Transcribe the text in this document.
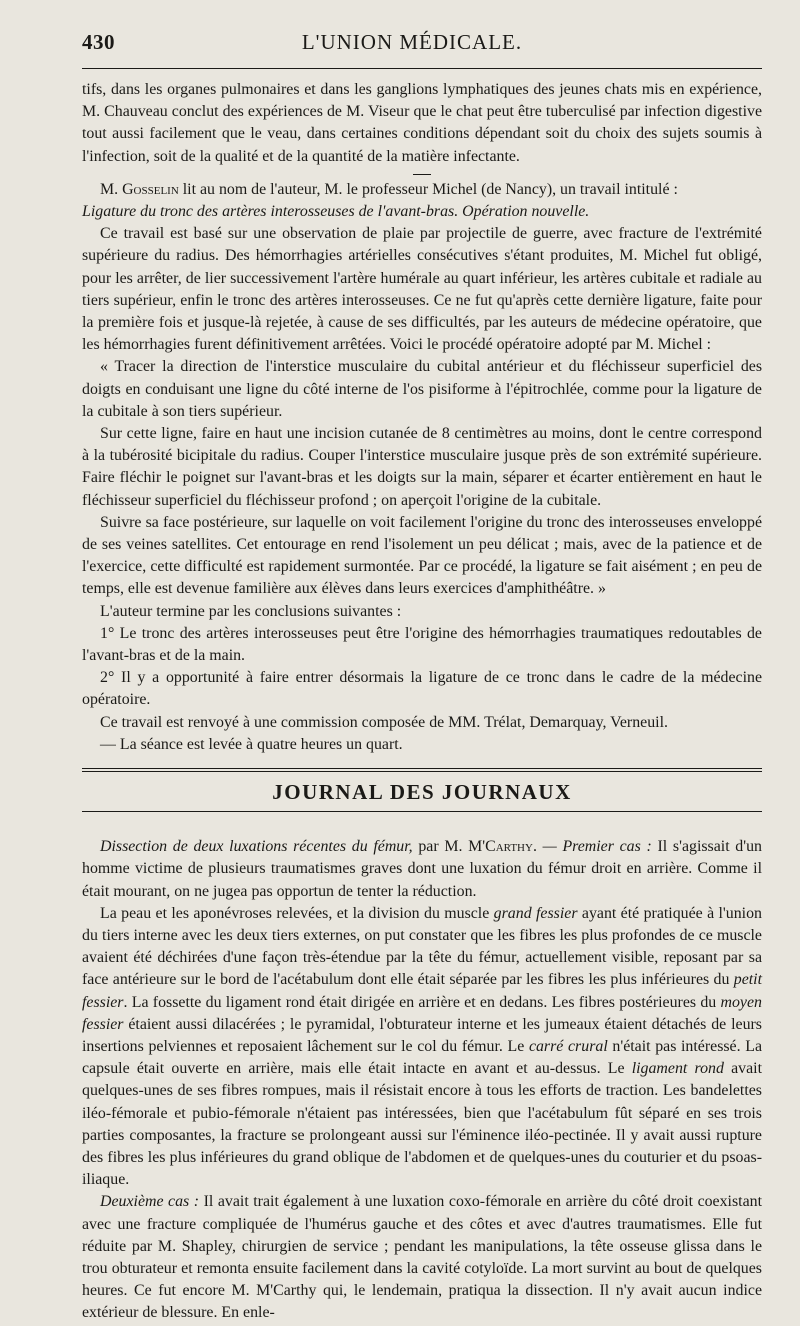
430	L'UNION MÉDICALE.

tifs, dans les organes pulmonaires et dans les ganglions lymphatiques des jeunes chats mis en expérience, M. Chauveau conclut des expériences de M. Viseur que le chat peut être tuberculisé par infection digestive tout aussi facilement que le veau, dans certaines conditions dépendant soit du choix des sujets soumis à l'infection, soit de la qualité et de la quantité de la matière infectante.

M. Gosselin lit au nom de l'auteur, M. le professeur Michel (de Nancy), un travail intitulé :

Ligature du tronc des artères interosseuses de l'avant-bras. Opération nouvelle.

Ce travail est basé sur une observation de plaie par projectile de guerre, avec fracture de l'extrémité supérieure du radius. Des hémorrhagies artérielles consécutives s'étant produites, M. Michel fut obligé, pour les arrêter, de lier successivement l'artère humérale au quart inférieur, les artères cubitale et radiale au tiers supérieur, enfin le tronc des artères interosseuses. Ce ne fut qu'après cette dernière ligature, faite pour la première fois et jusque-là rejetée, à cause de ses difficultés, par les auteurs de médecine opératoire, que les hémorrhagies furent définitivement arrêtées. Voici le procédé opératoire adopté par M. Michel :

« Tracer la direction de l'interstice musculaire du cubital antérieur et du fléchisseur superficiel des doigts en conduisant une ligne du côté interne de l'os pisiforme à l'épitrochlée, comme pour la ligature de la cubitale à son tiers supérieur.

Sur cette ligne, faire en haut une incision cutanée de 8 centimètres au moins, dont le centre correspond à la tubérosité bicipitale du radius. Couper l'interstice musculaire jusque près de son extrémité supérieure. Faire fléchir le poignet sur l'avant-bras et les doigts sur la main, séparer et écarter entièrement en haut le fléchisseur superficiel du fléchisseur profond ; on aperçoit l'origine de la cubitale.

Suivre sa face postérieure, sur laquelle on voit facilement l'origine du tronc des interosseuses enveloppé de ses veines satellites. Cet entourage en rend l'isolement un peu délicat ; mais, avec de la patience et de l'exercice, cette difficulté est rapidement surmontée. Par ce procédé, la ligature se fait aisément ; en peu de temps, elle est devenue familière aux élèves dans leurs exercices d'amphithéâtre. »

L'auteur termine par les conclusions suivantes :

1° Le tronc des artères interosseuses peut être l'origine des hémorrhagies traumatiques redoutables de l'avant-bras et de la main.

2° Il y a opportunité à faire entrer désormais la ligature de ce tronc dans le cadre de la médecine opératoire.

Ce travail est renvoyé à une commission composée de MM. Trélat, Demarquay, Verneuil.

— La séance est levée à quatre heures un quart.

JOURNAL DES JOURNAUX

Dissection de deux luxations récentes du fémur, par M. M'Carthy. — Premier cas : Il s'agissait d'un homme victime de plusieurs traumatismes graves dont une luxation du fémur droit en arrière. Comme il était mourant, on ne jugea pas opportun de tenter la réduction.

La peau et les aponévroses relevées, et la division du muscle grand fessier ayant été pratiquée à l'union du tiers interne avec les deux tiers externes, on put constater que les fibres les plus profondes de ce muscle avaient été déchirées d'une façon très-étendue par la tête du fémur, actuellement visible, reposant par sa face antérieure sur le bord de l'acétabulum dont elle était séparée par les fibres les plus inférieures du petit fessier. La fossette du ligament rond était dirigée en arrière et en dedans. Les fibres postérieures du moyen fessier étaient aussi dilacérées ; le pyramidal, l'obturateur interne et les jumeaux étaient détachés de leurs insertions pelviennes et reposaient lâchement sur le col du fémur. Le carré crural n'était pas intéressé. La capsule était ouverte en arrière, mais elle était intacte en avant et au-dessus. Le ligament rond avait quelques-unes de ses fibres rompues, mais il résistait encore à tous les efforts de traction. Les bandelettes iléo-fémorale et pubio-fémorale n'étaient pas intéressées, bien que l'acétabulum fût séparé en ses trois parties composantes, la fracture se prolongeant aussi sur l'éminence iléo-pectinée. Il y avait aussi rupture des fibres les plus inférieures du grand oblique de l'abdomen et de quelques-unes du couturier et du psoas-iliaque.

Deuxième cas : Il avait trait également à une luxation coxo-fémorale en arrière du côté droit coexistant avec une fracture compliquée de l'humérus gauche et des côtes et avec d'autres traumatismes. Elle fut réduite par M. Shapley, chirurgien de service ; pendant les manipulations, la tête osseuse glissa dans le trou obturateur et remonta ensuite facilement dans la cavité cotyloïde. La mort survint au bout de quelques heures. Ce fut encore M. M'Carthy qui, le lendemain, pratiqua la dissection. Il n'y avait aucun indice extérieur de blessure. En enle-
